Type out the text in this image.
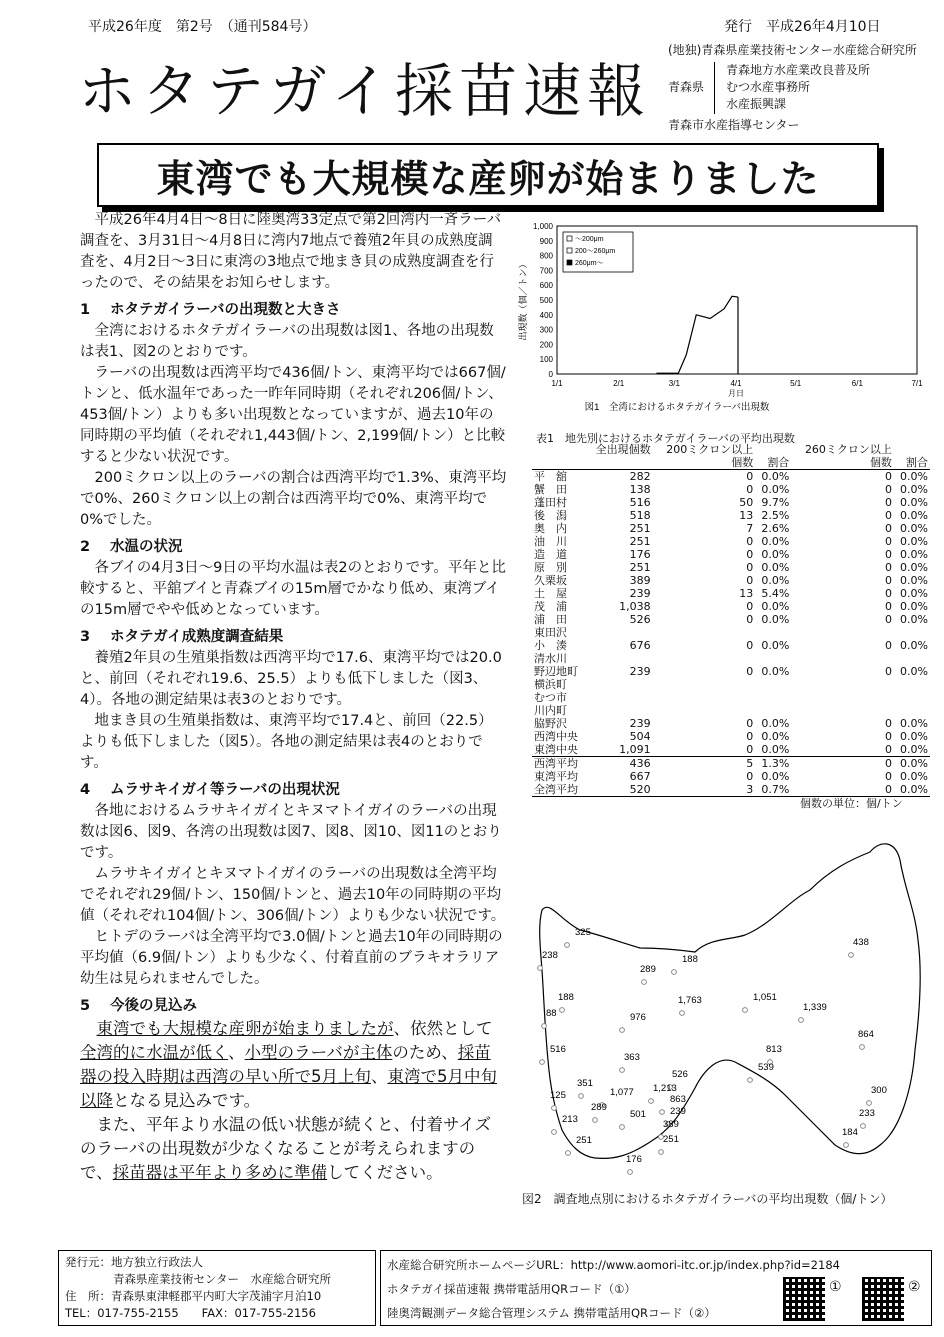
平成26年度　第2号　（通刊584号）	発行　平成26年4月10日
ホタテガイ採苗速報
(地独)青森県産業技術センター水産総合研究所
青森県
青森地方水産業改良普及所
むつ水産事務所
水産振興課
青森市水産指導センター
東湾でも大規模な産卵が始まりました

平成26年4月4日～8日に陸奥湾33定点で第2回湾内一斉ラーバ調査を、3月31日～4月8日に湾内7地点で養殖2年貝の成熟度調査を、4月2日～3日に東湾の3地点で地まき貝の成熟度調査を行ったので、その結果をお知らせします。

1 ホタテガイラーバの出現数と大きさ

全湾におけるホタテガイラーバの出現数は図1、各地の出現数は表1、図2のとおりです。

ラーバの出現数は西湾平均で436個/トン、東湾平均では667個/トンと、低水温年であった一昨年同時期（それぞれ206個/トン、453個/トン）よりも多い出現数となっていますが、過去10年の同時期の平均値（それぞれ1,443個/トン、2,199個/トン）と比較すると少ない状況です。

200ミクロン以上のラーバの割合は西湾平均で1.3%、東湾平均で0%、260ミクロン以上の割合は西湾平均で0%、東湾平均で0%でした。

2 水温の状況

各ブイの4月3日～9日の平均水温は表2のとおりです。平年と比較すると、平舘ブイと青森ブイの15m層でかなり低め、東湾ブイの15m層でやや低めとなっています。

3 ホタテガイ成熟度調査結果

養殖2年貝の生殖巣指数は西湾平均で17.6、東湾平均では20.0と、前回（それぞれ19.6、25.5）よりも低下しました（図3、4）。各地の測定結果は表3のとおりです。

地まき貝の生殖巣指数は、東湾平均で17.4と、前回（22.5）よりも低下しました（図5）。各地の測定結果は表4のとおりです。

4 ムラサキイガイ等ラーバの出現状況

各地におけるムラサキイガイとキヌマトイガイのラーバの出現数は図6、図9、各湾の出現数は図7、図8、図10、図11のとおりです。

ムラサキイガイとキヌマトイガイのラーバの出現数は全湾平均でそれぞれ29個/トン、150個/トンと、過去10年の同時期の平均値（それぞれ104個/トン、306個/トン）よりも少ない状況です。

ヒトデのラーバは全湾平均で3.0個/トンと過去10年の同時期の平均値（6.9個/トン）よりも少なく、付着直前のブラキオラリア幼生は見られませんでした。

5 今後の見込み

東湾でも大規模な産卵が始まりましたが、依然として全湾的に水温が低く、小型のラーバが主体のため、採苗器の投入時期は西湾の早い所で5月上旬、東湾で5月中旬以降となる見込みです。

また、平年より水温の低い状態が続くと、付着サイズのラーバの出現数が少なくなることが考えられますので、採苗器は平年より多めに準備してください。

0
100
200
300
400
500
600
700
800
900
1,000
1/1	2/1	3/1	4/1	5/1	6/1	7/1
月日
出現数（個／トン）
図1　全湾におけるホタテガイラーバ出現数
～200μm
200～260μm
260μm～
表1　地先別におけるホタテガイラーバの平均出現数
	全出現個数	200ミクロン以上		260ミクロン以上	
		個数	割合	個数	割合
平　舘	282	0	0.0%	0	0.0%
蟹　田	138	0	0.0%	0	0.0%
蓬田村	516	50	9.7%	0	0.0%
後　潟	518	13	2.5%	0	0.0%
奥　内	251	7	2.6%	0	0.0%
油　川	251	0	0.0%	0	0.0%
造　道	176	0	0.0%	0	0.0%
原　別	251	0	0.0%	0	0.0%
久栗坂	389	0	0.0%	0	0.0%
土　屋	239	13	5.4%	0	0.0%
茂　浦	1,038	0	0.0%	0	0.0%
浦　田	526	0	0.0%	0	0.0%
東田沢					
小　湊	676	0	0.0%	0	0.0%
清水川					
野辺地町	239	0	0.0%	0	0.0%
横浜町					
むつ市					
川内町					
脇野沢	239	0	0.0%	0	0.0%
西湾中央	504	0	0.0%	0	0.0%
東湾中央	1,091	0	0.0%	0	0.0%
西湾平均	436	5	1.3%	0	0.0%
東湾平均	667	0	0.0%	0	0.0%
全湾平均	520	3	0.7%	0	0.0%
個数の単位：個/トン
325
238
289
188
438
1,763	1,051
1,339
188
976
88
864
516
363
813
539
526
351
1,077 1,213
125	863
300
289
501	239	233
213	389
184
251	251
176
図2　調査地点別におけるホタテガイラーバの平均出現数（個/トン）
発行元：地方独立行政法人
青森県産業技術センター　水産総合研究所
住　所：青森県東津軽郡平内町大字茂浦字月泊10
TEL：017-755-2155　　FAX：017-755-2156
水産総合研究所ホームページURL：http://www.aomori-itc.or.jp/index.php?id=2184
ホタテガイ採苗速報 携帯電話用QRコード（①）
陸奥湾観測データ総合管理システム 携帯電話用QRコード（②）
①	②
